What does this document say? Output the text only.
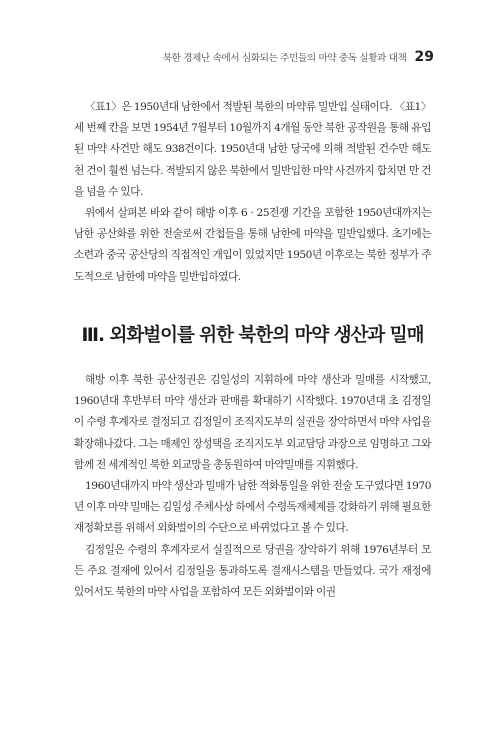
북한 경제난 속에서 심화되는 주민들의 마약 중독 실황과 대책 29

〈표1〉은 1950년대 남한에서 적발된 북한의 마약류 밀반입 실태이다. 〈표1〉 세 번째 칸을 보면 1954년 7월부터 10월까지 4개월 동안 북한 공작원을 통해 유입된 마약 사건만 해도 938건이다. 1950년대 남한 당국에 의해 적발된 건수만 해도 천 건이 훨씬 넘는다. 적발되지 않은 북한에서 밀반입한 마약 사건까지 합치면 만 건을 넘을 수 있다.

위에서 살펴본 바와 같이 해방 이후 6 · 25전쟁 기간을 포함한 1950년대까지는 남한 공산화를 위한 전술로써 간첩들을 통해 남한에 마약을 밀반입했다. 초기에는 소련과 중국 공산당의 직접적인 개입이 있었지만 1950년 이후로는 북한 정부가 주도적으로 남한에 마약을 밀반입하였다.

Ⅲ. 외화벌이를 위한 북한의 마약 생산과 밀매

해방 이후 북한 공산정권은 김일성의 지휘하에 마약 생산과 밀매를 시작했고, 1960년대 후반부터 마약 생산과 판매를 확대하기 시작했다. 1970년대 초 김정일이 수령 후계자로 결정되고 김정일이 조직지도부의 실권을 장악하면서 마약 사업을 확장해나갔다. 그는 매제인 장성택을 조직지도부 외교담당 과장으로 임명하고 그와 함께 전 세계적인 북한 외교망을 총동원하여 마약밀매를 지휘했다.

1960년대까지 마약 생산과 밀매가 남한 적화통일을 위한 전술 도구였다면 1970년 이후 마약 밀매는 김일성 주체사상 하에서 수령독재체제를 강화하기 위해 필요한 재정확보를 위해서 외화벌이의 수단으로 바뀌었다고 볼 수 있다.

김정일은 수령의 후계자로서 실질적으로 당권을 장악하기 위해 1976년부터 모든 주요 결재에 있어서 김정일을 통과하도록 결재시스템을 만들었다. 국가 재정에 있어서도 북한의 마약 사업을 포함하여 모든 외화벌이와 이권
